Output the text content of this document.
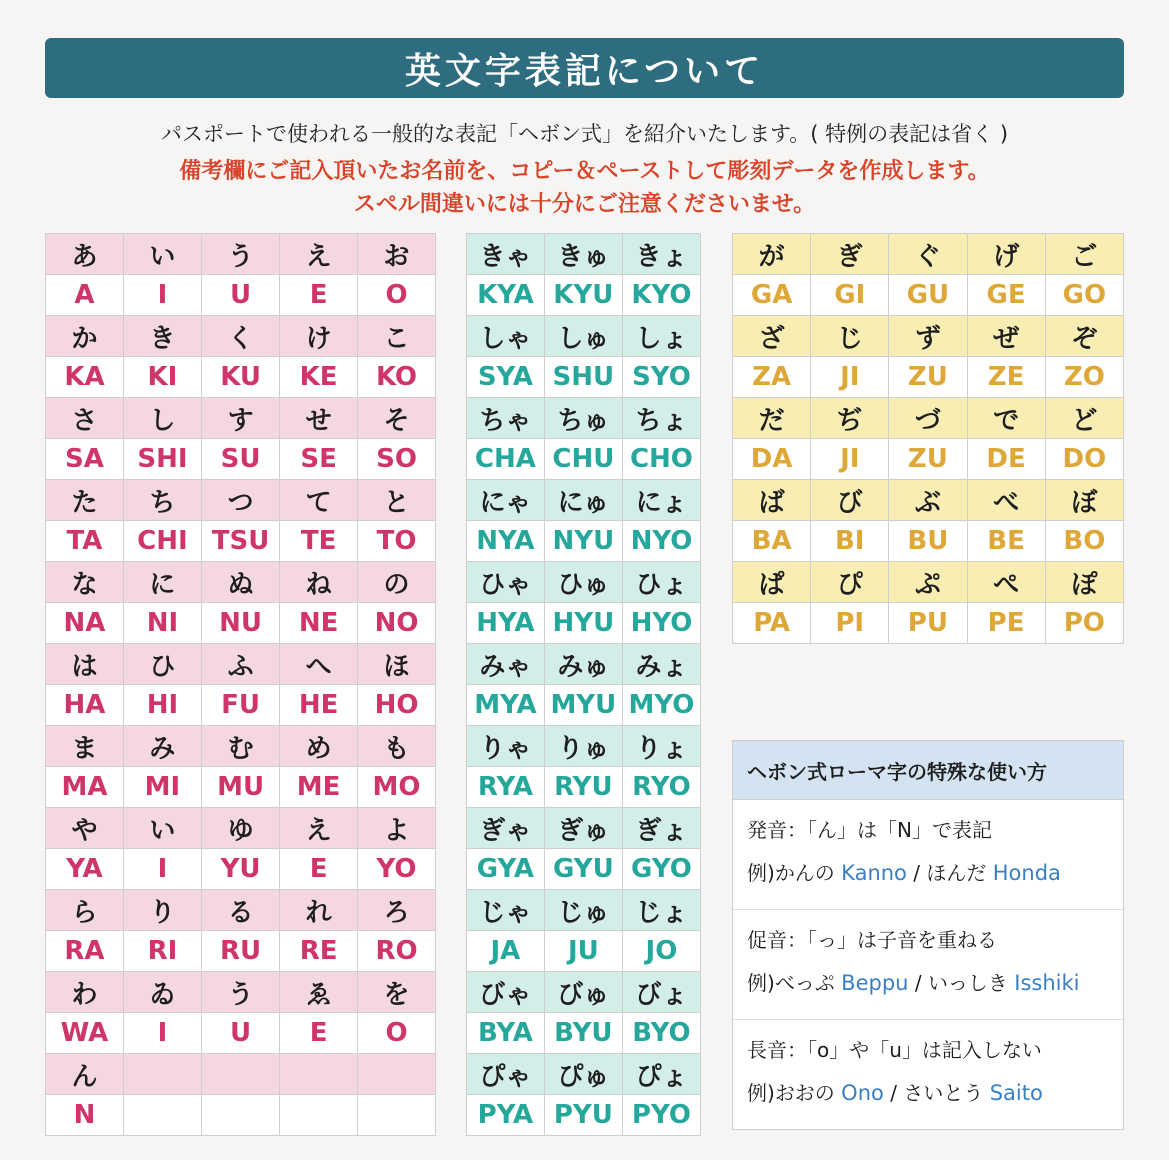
英文字表記について
パスポートで使われる一般的な表記「ヘボン式」を紹介いたします。( 特例の表記は省く )
備考欄にご記入頂いたお名前を、コピー＆ペーストして彫刻データを作成します。
スペル間違いには十分にご注意くださいませ。
あ	い	う	え	お
A	I	U	E	O
か	き	く	け	こ
KA	KI	KU	KE	KO
さ	し	す	せ	そ
SA	SHI	SU	SE	SO
た	ち	つ	て	と
TA	CHI	TSU	TE	TO
な	に	ぬ	ね	の
NA	NI	NU	NE	NO
は	ひ	ふ	へ	ほ
HA	HI	FU	HE	HO
ま	み	む	め	も
MA	MI	MU	ME	MO
や	い	ゆ	え	よ
YA	I	YU	E	YO
ら	り	る	れ	ろ
RA	RI	RU	RE	RO
わ	ゐ	う	ゑ	を
WA	I	U	E	O
ん				
N				
きゃ	きゅ	きょ
KYA	KYU	KYO
しゃ	しゅ	しょ
SYA	SHU	SYO
ちゃ	ちゅ	ちょ
CHA	CHU	CHO
にゃ	にゅ	にょ
NYA	NYU	NYO
ひゃ	ひゅ	ひょ
HYA	HYU	HYO
みゃ	みゅ	みょ
MYA	MYU	MYO
りゃ	りゅ	りょ
RYA	RYU	RYO
ぎゃ	ぎゅ	ぎょ
GYA	GYU	GYO
じゃ	じゅ	じょ
JA	JU	JO
びゃ	びゅ	びょ
BYA	BYU	BYO
ぴゃ	ぴゅ	ぴょ
PYA	PYU	PYO
が	ぎ	ぐ	げ	ご
GA	GI	GU	GE	GO
ざ	じ	ず	ぜ	ぞ
ZA	JI	ZU	ZE	ZO
だ	ぢ	づ	で	ど
DA	JI	ZU	DE	DO
ば	び	ぶ	べ	ぼ
BA	BI	BU	BE	BO
ぱ	ぴ	ぷ	ぺ	ぽ
PA	PI	PU	PE	PO
ヘボン式ローマ字の特殊な使い方
発音：「ん」は「N」で表記
例)かんの Kanno / ほんだ Honda
促音：「っ」は子音を重ねる
例)べっぷ Beppu / いっしき Isshiki
長音：「o」や「u」は記入しない
例)おおの Ono / さいとう Saito
